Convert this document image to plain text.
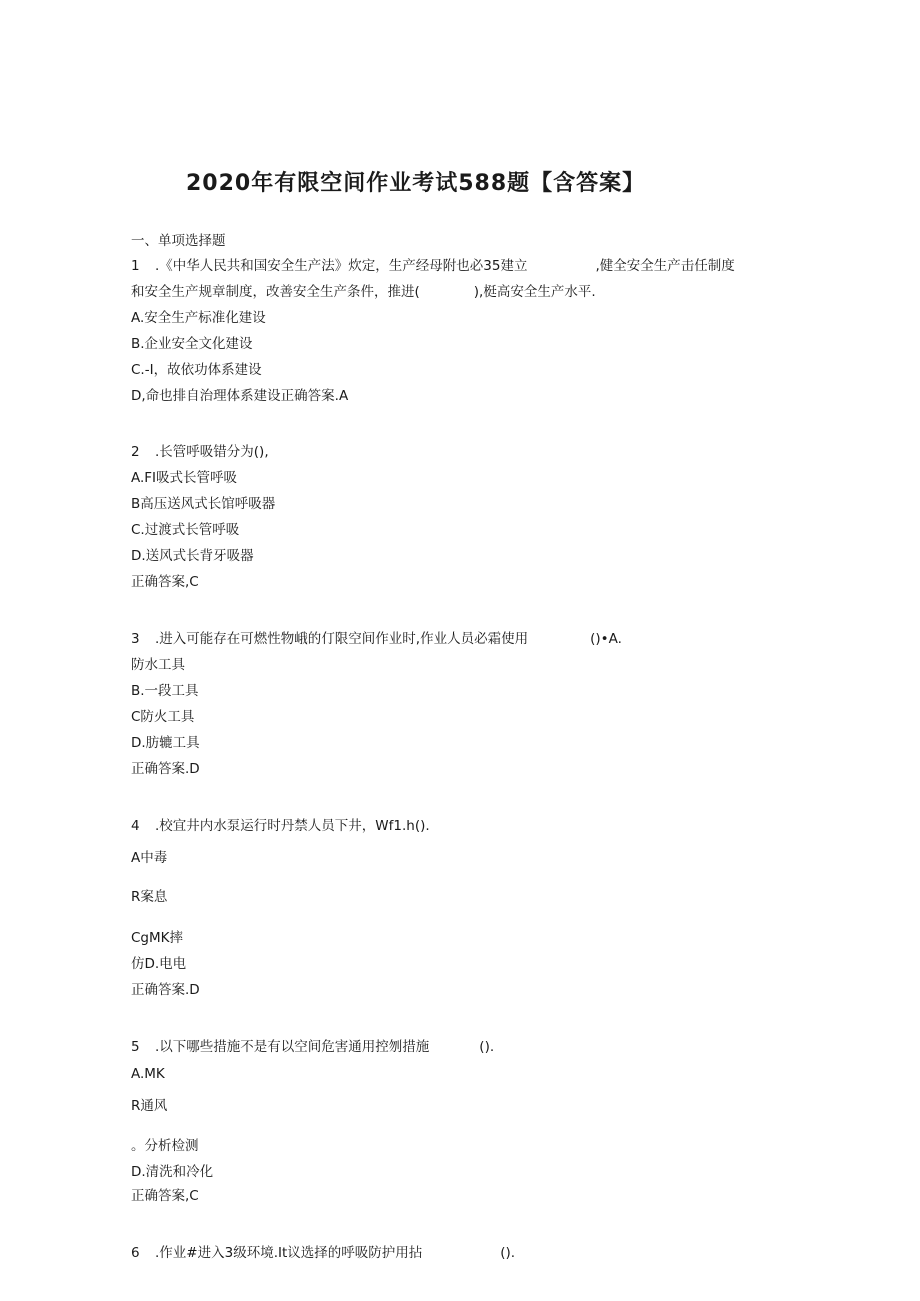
2020年有限空间作业考试588题【含答案】
一、单项选择题
1 .《中华人民共和国安全生产法》炊定，生产经母附也必35建立	,健全安全生产击任制度
和安全生产规章制度，改善安全生产条件，推进(	),梃高安全生产水平.
A.安全生产标准化建设
B.企业安全文化建设
C.-I，故依功体系建设
D,命也排自治理体系建设正确答案.A
2 .长管呼吸错分为(),
A.FI吸式长管呼吸
B高压送风式长馆呼吸器
C.过渡式长管呼吸
D.送风式长背牙吸器
正确答案,C
3 .进入可能存在可燃性物峨的仃限空间作业时,作业人员必霜使用	()•A.
防水工具
B.一段工具
C防火工具
D.肪辘工具
正确答案.D
4 .校宜井内水泵运行时丹禁人员下井，Wf1.h().
A中毒
R案息
CgMK摔
仿D.电电
正确答案.D
5 .以下哪些措施不是有以空间危害通用控刎措施	().
A.MK
R通风
。分析检测
D.清洗和冷化
正确答案,C
6 .作业#进入3级环境.It议选择的呼吸防护用拈	().
